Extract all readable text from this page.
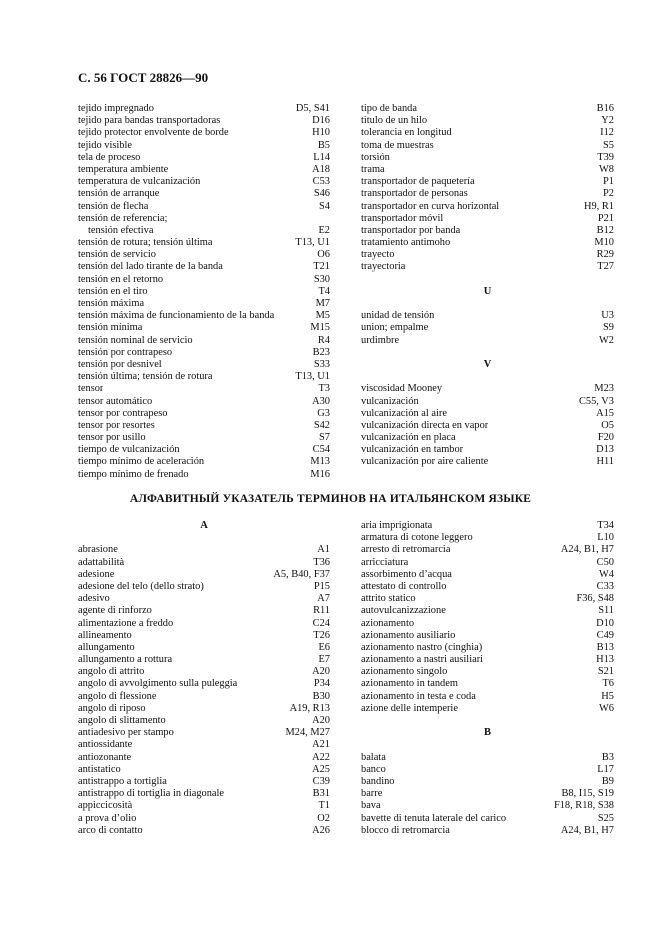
С. 56 ГОСТ 28826—90
tejido impregnado	D5, S41
tejido para bandas transportadoras	D16
tejido protector envolvente de borde	H10
tejido visible	B5
tela de proceso	L14
temperatura ambiente	A18
temperatura de vulcanización	C53
tensión de arranque	S46
tensión de flecha	S4
tensión de referencia;
tensión efectiva	E2
tensión de rotura; tensión última	T13, U1
tensión de servicio	O6
tensión del lado tirante de la banda	T21
tensión en el retorno	S30
tensión en el tiro	T4
tensión máxima	M7
tensión máxima de funcionamiento de la banda	M5
tensión mínima	M15
tensión nominal de servicio	R4
tensión por contrapeso	B23
tensión por desnivel	S33
tensión última; tensión de rotura	T13, U1
tensor	T3
tensor automático	A30
tensor por contrapeso	G3
tensor por resortes	S42
tensor por usillo	S7
tiempo de vulcanización	C54
tiempo mínimo de aceleración	M13
tiempo mínimo de frenado	M16
tipo de banda	B16
titulo de un hilo	Y2
tolerancia en longitud	I12
toma de muestras	S5
torsión	T39
trama	W8
transportador de paquetería	P1
transportador de personas	P2
transportador en curva horizontal	H9, R1
transportador móvil	P21
transportador por banda	B12
tratamiento antimoho	M10
trayecto	R29
trayectoria	T27
U
unidad de tensión	U3
union; empalme	S9
urdimbre	W2
V
viscosidad Mooney	M23
vulcanización	C55, V3
vulcanización al aire	A15
vulcanización directa en vapor	O5
vulcanización en placa	F20
vulcanización en tambor	D13
vulcanización por aire caliente	H11
АЛФАВИТНЫЙ УКАЗАТЕЛЬ ТЕРМИНОВ НА ИТАЛЬЯНСКОМ ЯЗЫКЕ
A
abrasione	A1
adattabilità	T36
adesione	A5, B40, F37
adesione del telo (dello strato)	P15
adesivo	A7
agente di rinforzo	R11
alimentazione a freddo	C24
allineamento	T26
allungamento	E6
allungamento a rottura	E7
angolo di attrito	A20
angolo di avvolgimento sulla puleggia	P34
angolo di flessione	B30
angolo di riposo	A19, R13
angolo di slittamento	A20
antiadesivo per stampo	M24, M27
antiossidante	A21
antiozonante	A22
antistatico	A25
antistrappo a tortiglia	C39
antistrappo di tortiglia in diagonale	B31
appiccicosità	T1
a prova d’olio	O2
arco di contatto	A26
aria imprigionata	T34
armatura di cotone leggero	L10
arresto di retromarcia	A24, B1, H7
arricciatura	C50
assorbimento d’acqua	W4
attestato di controllo	C33
attrito statico	F36, S48
autovulcanizzazione	S11
azionamento	D10
azionamento ausiliario	C49
azionamento nastro (cinghia)	B13
azionamento a nastri ausiliari	H13
azionamento singolo	S21
azionamento in tandem	T6
azionamento in testa e coda	H5
azione delle intemperie	W6
B
balata	B3
banco	L17
bandino	B9
barre	B8, I15, S19
bava	F18, R18, S38
bavette di tenuta laterale del carico	S25
blocco di retromarcia	A24, B1, H7
